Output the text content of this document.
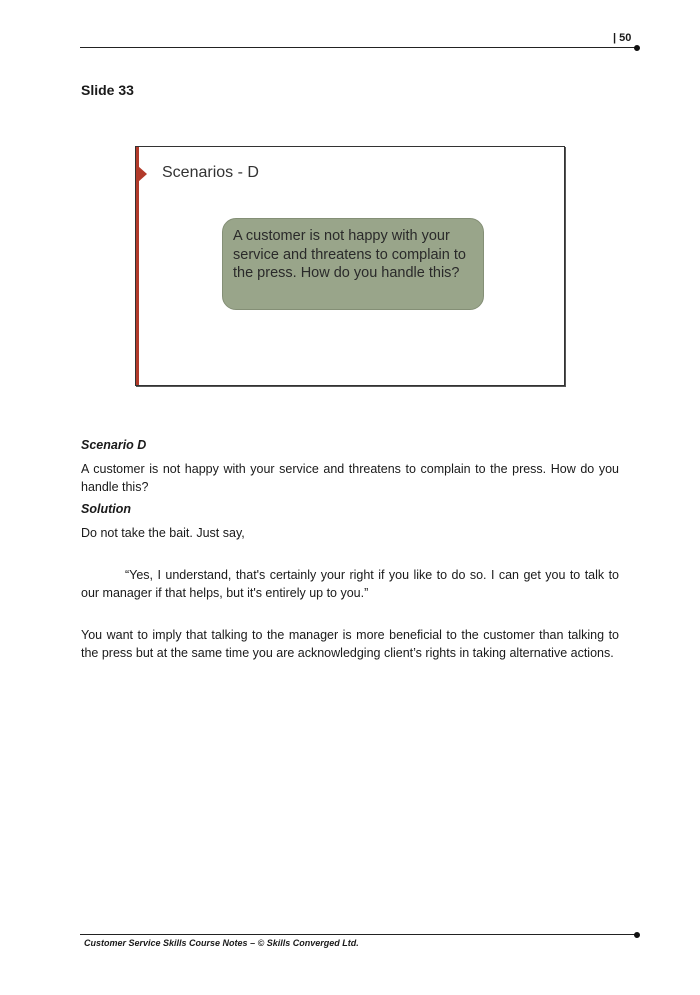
| 50
Slide 33
Scenarios - D
A customer is not happy with your service and threatens to complain to the press. How do you handle this?

Scenario D

A customer is not happy with your service and threatens to complain to the press. How do you handle this?

Solution

Do not take the bait. Just say,

“Yes, I understand, that's certainly your right if you like to do so. I can get you to talk to our manager if that helps, but it's entirely up to you.”

You want to imply that talking to the manager is more beneficial to the customer than talking to the press but at the same time you are acknowledging client’s rights in taking alternative actions.

Customer Service Skills Course Notes – © Skills Converged Ltd.
